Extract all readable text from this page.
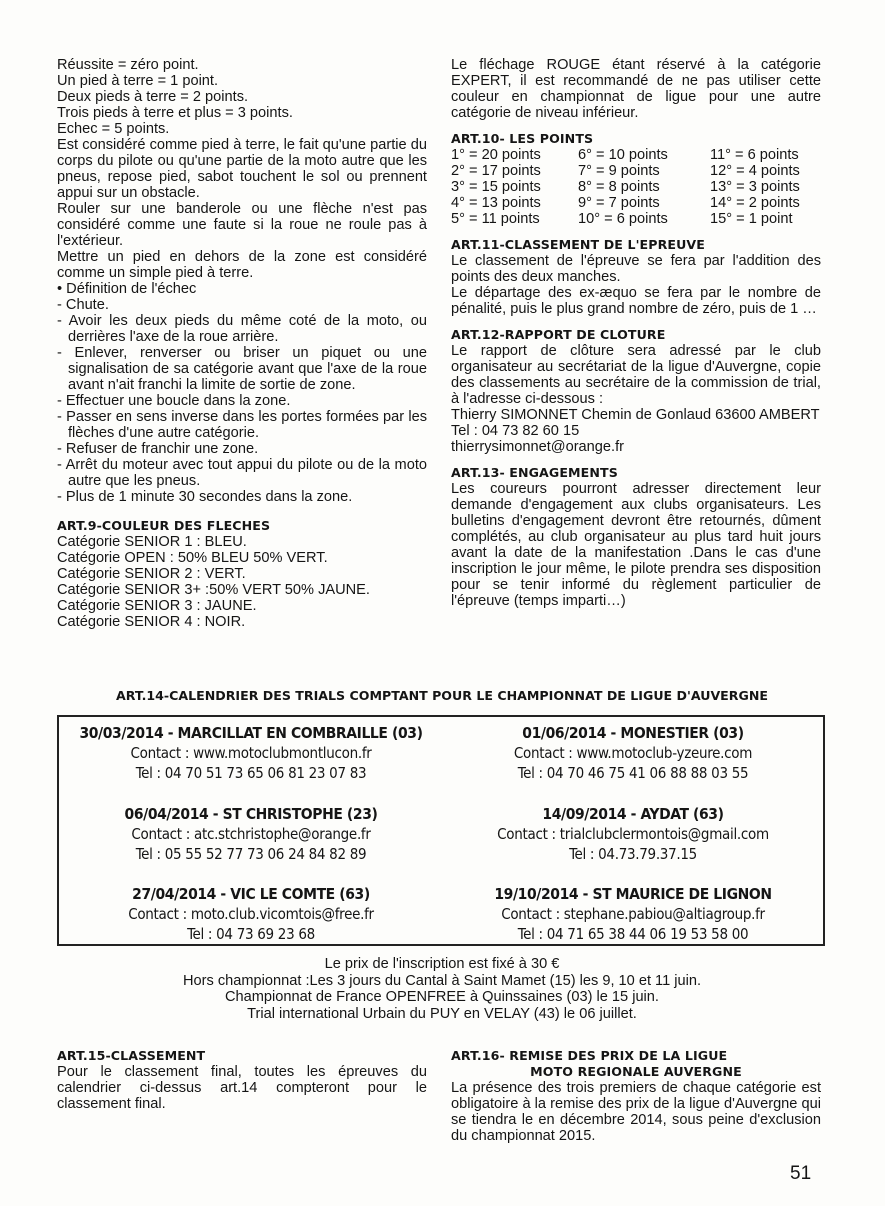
Réussite = zéro point.
Un pied à terre = 1 point.
Deux pieds à terre = 2 points.
Trois pieds à terre et plus = 3 points.
Echec = 5 points.

Est considéré comme pied à terre, le fait qu'une partie du corps du pilote ou qu'une partie de la moto autre que les pneus, repose pied, sabot touchent le sol ou prennent appui sur un obstacle.

Rouler sur une banderole ou une flèche n'est pas considéré comme une faute si la roue ne roule pas à l'extérieur.

Mettre un pied en dehors de la zone est considéré comme un simple pied à terre.

• Définition de l'échec
- Chute.
- Avoir les deux pieds du même coté de la moto, ou derrières l'axe de la roue arrière.
- Enlever, renverser ou briser un piquet ou une signalisation de sa catégorie avant que l'axe de la roue avant n'ait franchi la limite de sortie de zone.
- Effectuer une boucle dans la zone.
- Passer en sens inverse dans les portes formées par les flèches d'une autre catégorie.
- Refuser de franchir une zone.
- Arrêt du moteur avec tout appui du pilote ou de la moto autre que les pneus.
- Plus de 1 minute 30 secondes dans la zone.

ART.9-COULEUR DES FLECHES

Catégorie SENIOR 1 : BLEU.
Catégorie OPEN : 50% BLEU 50% VERT.
Catégorie SENIOR 2 : VERT.
Catégorie SENIOR 3+ :50% VERT 50% JAUNE.
Catégorie SENIOR 3 : JAUNE.
Catégorie SENIOR 4 : NOIR.

Le fléchage ROUGE étant réservé à la catégorie EXPERT, il est recommandé de ne pas utiliser cette couleur en championnat de ligue pour une autre catégorie de niveau inférieur.

ART.10- LES POINTS

1° = 20 points	6° = 10 points	11° = 6 points
2° = 17 points	7° = 9 points	12° = 4 points
3° = 15 points	8° = 8 points	13° = 3 points
4° = 13 points	9° = 7 points	14° = 2 points
5° = 11 points	10° = 6 points	15° = 1 point

ART.11-CLASSEMENT DE L'EPREUVE

Le classement de l'épreuve se fera par l'addition des points des deux manches.

Le départage des ex-æquo se fera par le nombre de pénalité, puis le plus grand nombre de zéro, puis de 1 …

ART.12-RAPPORT DE CLOTURE

Le rapport de clôture sera adressé par le club organisateur au secrétariat de la ligue d'Auvergne, copie des classements au secrétaire de la commission de trial, à l'adresse ci-dessous :

Thierry SIMONNET Chemin de Gonlaud 63600 AMBERT Tel : 04 73 82 60 15

thierrysimonnet@orange.fr

ART.13- ENGAGEMENTS

Les coureurs pourront adresser directement leur demande d'engagement aux clubs organisateurs. Les bulletins d'engagement devront être retournés, dûment complétés, au club organisateur au plus tard huit jours avant la date de la manifestation .Dans le cas d'une inscription le jour même, le pilote prendra ses disposition pour se tenir informé du règlement particulier de l'épreuve (temps imparti…)

ART.14-CALENDRIER DES TRIALS COMPTANT POUR LE CHAMPIONNAT DE LIGUE D'AUVERGNE
30/03/2014 - MARCILLAT EN COMBRAILLE (03)
Contact : www.motoclubmontlucon.fr
Tel : 04 70 51 73 65 06 81 23 07 83
01/06/2014 - MONESTIER (03)
Contact : www.motoclub-yzeure.com
Tel : 04 70 46 75 41 06 88 88 03 55
06/04/2014 - ST CHRISTOPHE (23)
Contact : atc.stchristophe@orange.fr
Tel : 05 55 52 77 73 06 24 84 82 89
14/09/2014 - AYDAT (63)
Contact : trialclubclermontois@gmail.com
Tel : 04.73.79.37.15
27/04/2014 - VIC LE COMTE (63)
Contact : moto.club.vicomtois@free.fr
Tel : 04 73 69 23 68
19/10/2014 - ST MAURICE DE LIGNON
Contact : stephane.pabiou@altiagroup.fr
Tel : 04 71 65 38 44 06 19 53 58 00
Le prix de l'inscription est fixé à 30 €
Hors championnat :Les 3 jours du Cantal à Saint Mamet (15) les 9, 10 et 11 juin.
Championnat de France OPENFREE à Quinssaines (03) le 15 juin.
Trial international Urbain du PUY en VELAY (43) le 06 juillet.

ART.15-CLASSEMENT

Pour le classement final, toutes les épreuves du calendrier ci-dessus art.14 compteront pour le classement final.

ART.16- REMISE DES PRIX DE LA LIGUE

MOTO REGIONALE AUVERGNE

La présence des trois premiers de chaque catégorie est obligatoire à la remise des prix de la ligue d'Auvergne qui se tiendra le en décembre 2014, sous peine d'exclusion du championnat 2015.

51
